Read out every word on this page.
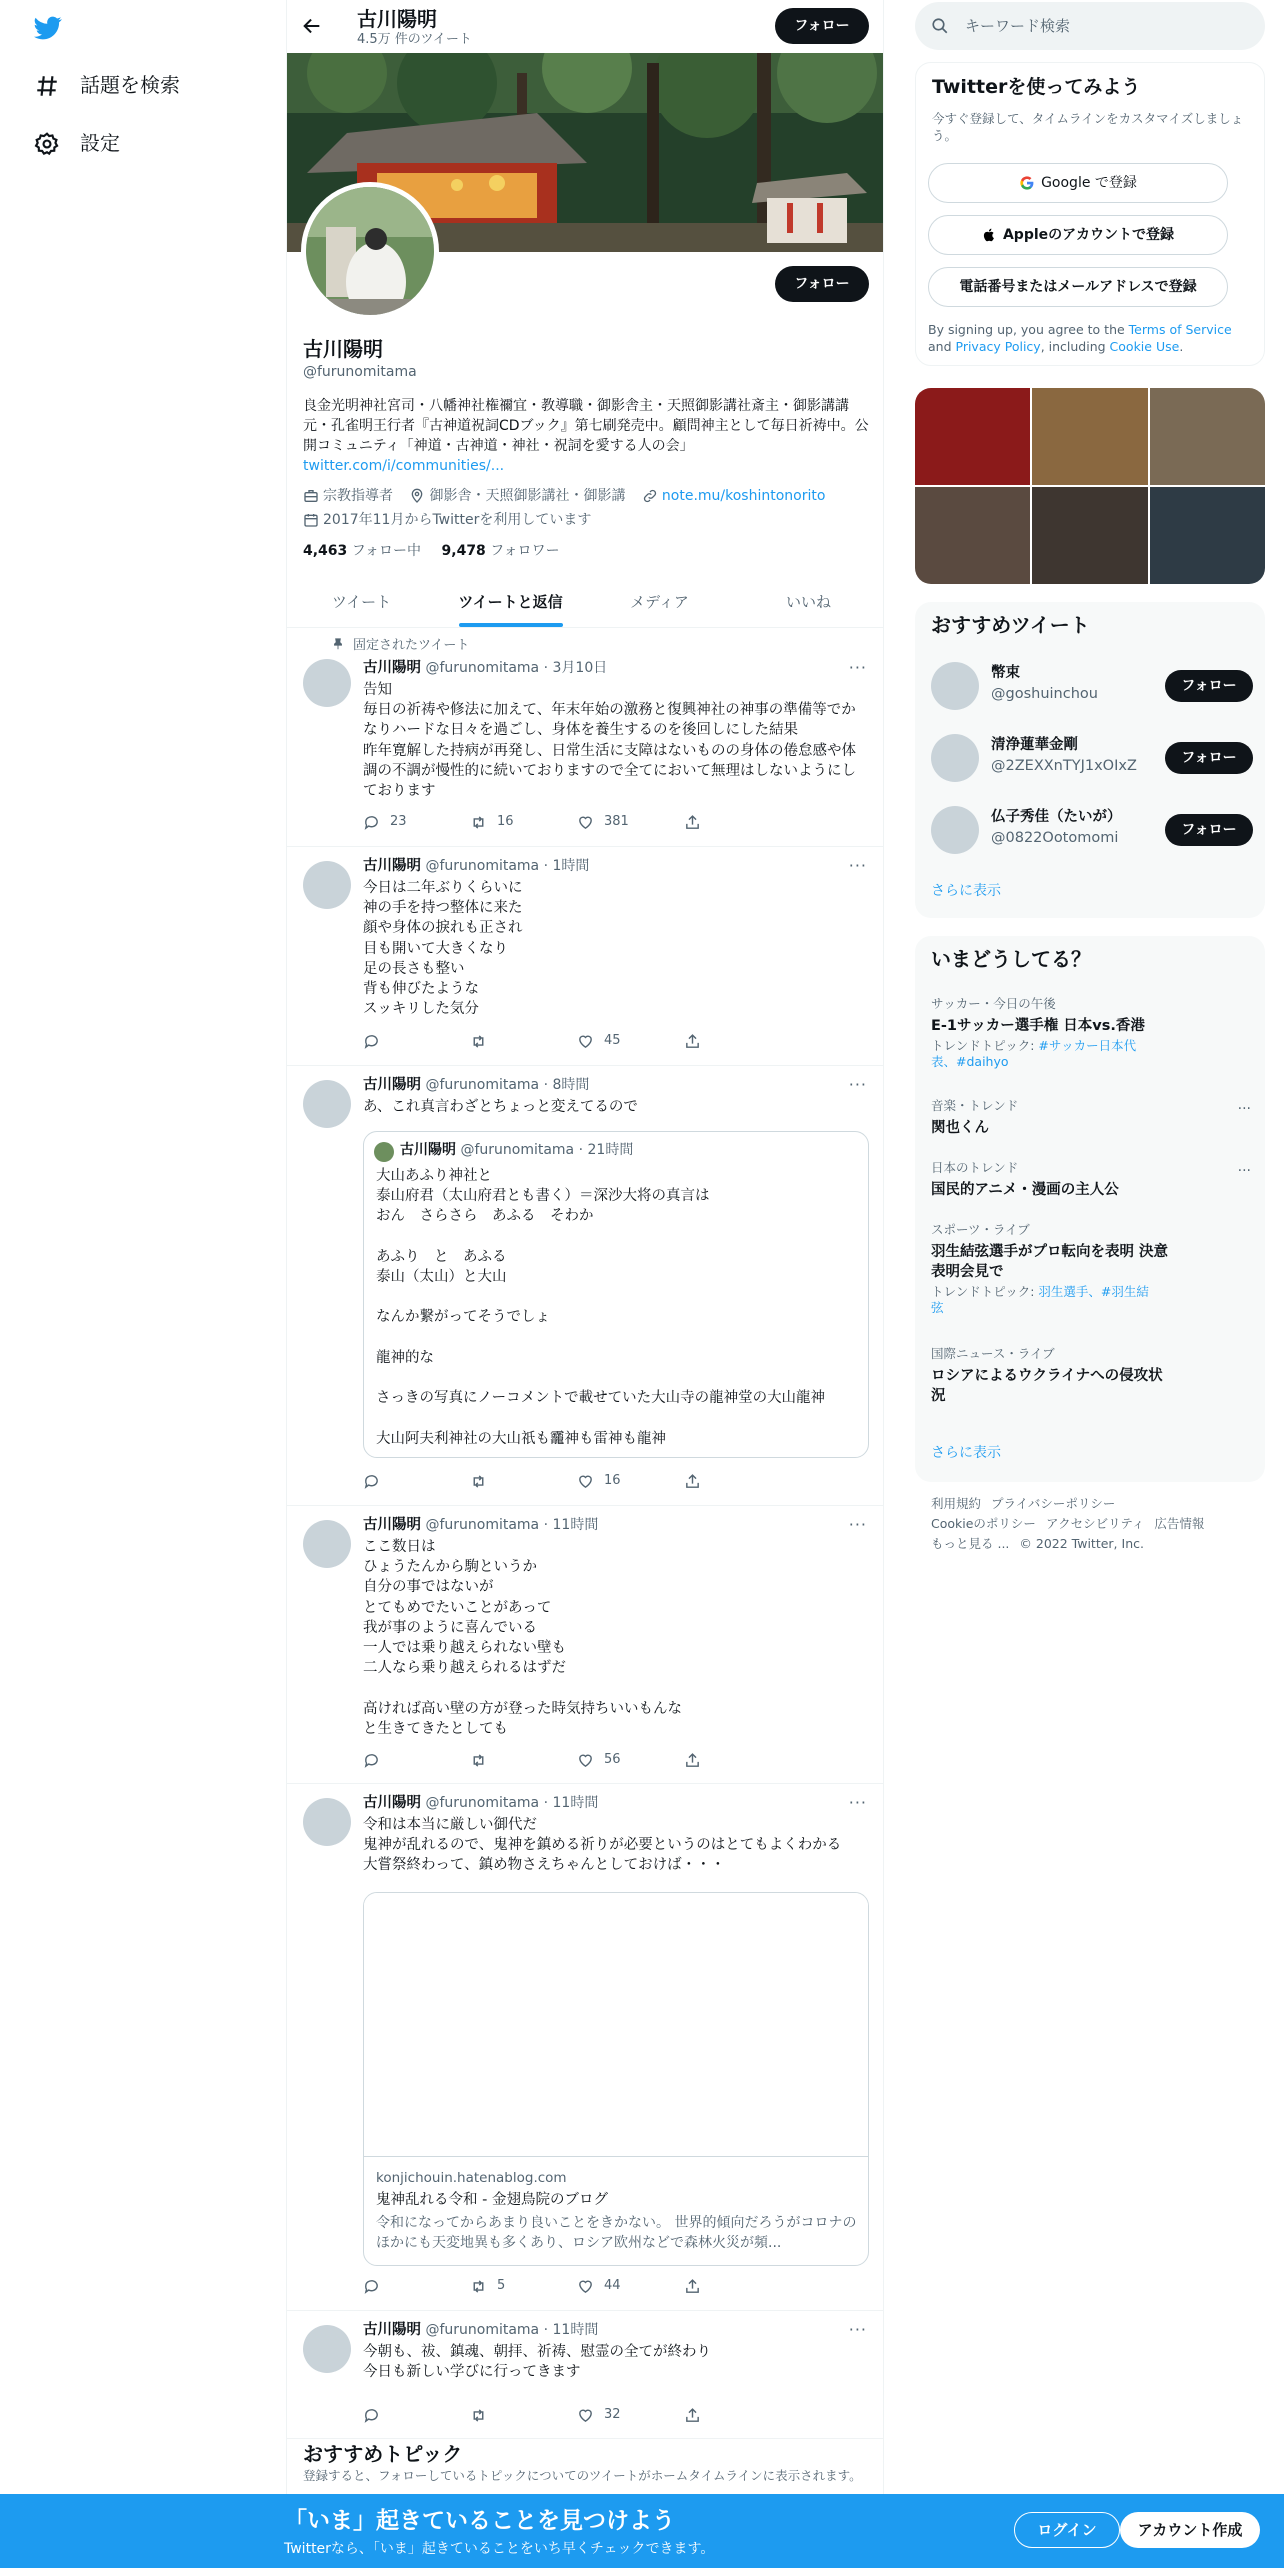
話題を検索
設定
古川陽明
4.5万 件のツイート
フォロー
フォロー
古川陽明
@furunomitama
良金光明神社宮司・八幡神社権禰宜・教導職・御影舎主・天照御影講社斎主・御影講講元・孔雀明王行者『古神道祝詞CDブック』第七刷発売中。顧問神主として毎日祈祷中。公開コミュニティ「神道・古神道・神社・祝詞を愛する人の会」twitter.com/i/communities/...
宗教指導者
	御影舎・天照御影講社・御影講
	note.mu/koshintonorito

2017年11月からTwitterを利用しています
4,463 フォロー中 9,478 フォロワー
ツイート	ツイートと返信	メディア	いいね
固定されたツイート
古川陽明 @furunomitama · 3月10日	···
告知
毎日の祈祷や修法に加えて、年末年始の激務と復興神社の神事の準備等でかなりハードな日々を過ごし、身体を養生するのを後回しにした結果
昨年寛解した持病が再発し、日常生活に支障はないものの身体の倦怠感や体調の不調が慢性的に続いておりますので全てにおいて無理はしないようにしております
23	16	381
古川陽明 @furunomitama · 1時間	···
今日は二年ぶりくらいに
神の手を持つ整体に来た
顔や身体の捩れも正され
目も開いて大きくなり
足の長さも整い
背も伸びたような
スッキリした気分
45
古川陽明 @furunomitama · 8時間	···
あ、これ真言わざとちょっと変えてるので
古川陽明 @furunomitama · 21時間
大山あふり神社と
泰山府君（太山府君とも書く）＝深沙大将の真言は
おん　さらさら　あふる　そわか

あふり　と　あふる
泰山（太山）と大山

なんか繋がってそうでしょ

龍神的な

さっきの写真にノーコメントで載せていた大山寺の龍神堂の大山龍神

大山阿夫利神社の大山祇も龗神も雷神も龍神
16
古川陽明 @furunomitama · 11時間	···
ここ数日は
ひょうたんから駒というか
自分の事ではないが
とてもめでたいことがあって
我が事のように喜んでいる
一人では乗り越えられない壁も
二人なら乗り越えられるはずだ

高ければ高い壁の方が登った時気持ちいいもんな
と生きてきたとしても
56
古川陽明 @furunomitama · 11時間	···
令和は本当に厳しい御代だ
鬼神が乱れるので、鬼神を鎮める祈りが必要というのはとてもよくわかる
大嘗祭終わって、鎮め物さえちゃんとしておけば・・・
konjichouin.hatenablog.com
鬼神乱れる令和 - 金翅鳥院のブログ
令和になってからあまり良いことをきかない。 世界的傾向だろうがコロナのほかにも天変地異も多くあり、ロシア欧州などで森林火災が頻...
5	44
古川陽明 @furunomitama · 11時間	···
今朝も、祓、鎮魂、朝拝、祈祷、慰霊の全てが終わり
今日も新しい学びに行ってきます
32
おすすめトピック
登録すると、フォローしているトピックについてのツイートがホームタイムラインに表示されます。
キーワード検索
Twitterを使ってみよう
今すぐ登録して、タイムラインをカスタマイズしましょう。
Google で登録
Appleのアカウントで登録
電話番号またはメールアドレスで登録
By signing up, you agree to the Terms of Service and Privacy Policy, including Cookie Use.
おすすめツイート
幣束
@goshuinchou
フォロー
清浄蓮華金剛
@2ZEXXnTYJ1xOIxZ
フォロー
仏子秀佳（たいが）
@0822Ootomomi
フォロー
さらに表示
いまどうしてる？
サッカー・今日の午後
E-1サッカー選手権 日本vs.香港
トレンドトピック: #サッカー日本代表、#daihyo
音楽・トレンド
関也くん
···
日本のトレンド
国民的アニメ・漫画の主人公
···
スポーツ・ライブ
羽生結弦選手がプロ転向を表明 決意表明会見で
トレンドトピック: 羽生選手、#羽生結弦
国際ニュース・ライブ
ロシアによるウクライナへの侵攻状況
さらに表示
利用規約 プライバシーポリシー
Cookieのポリシー アクセシビリティ 広告情報
もっと見る ... © 2022 Twitter, Inc.
「いま」起きていることを見つけよう
Twitterなら、「いま」起きていることをいち早くチェックできます。
ログイン	アカウント作成
